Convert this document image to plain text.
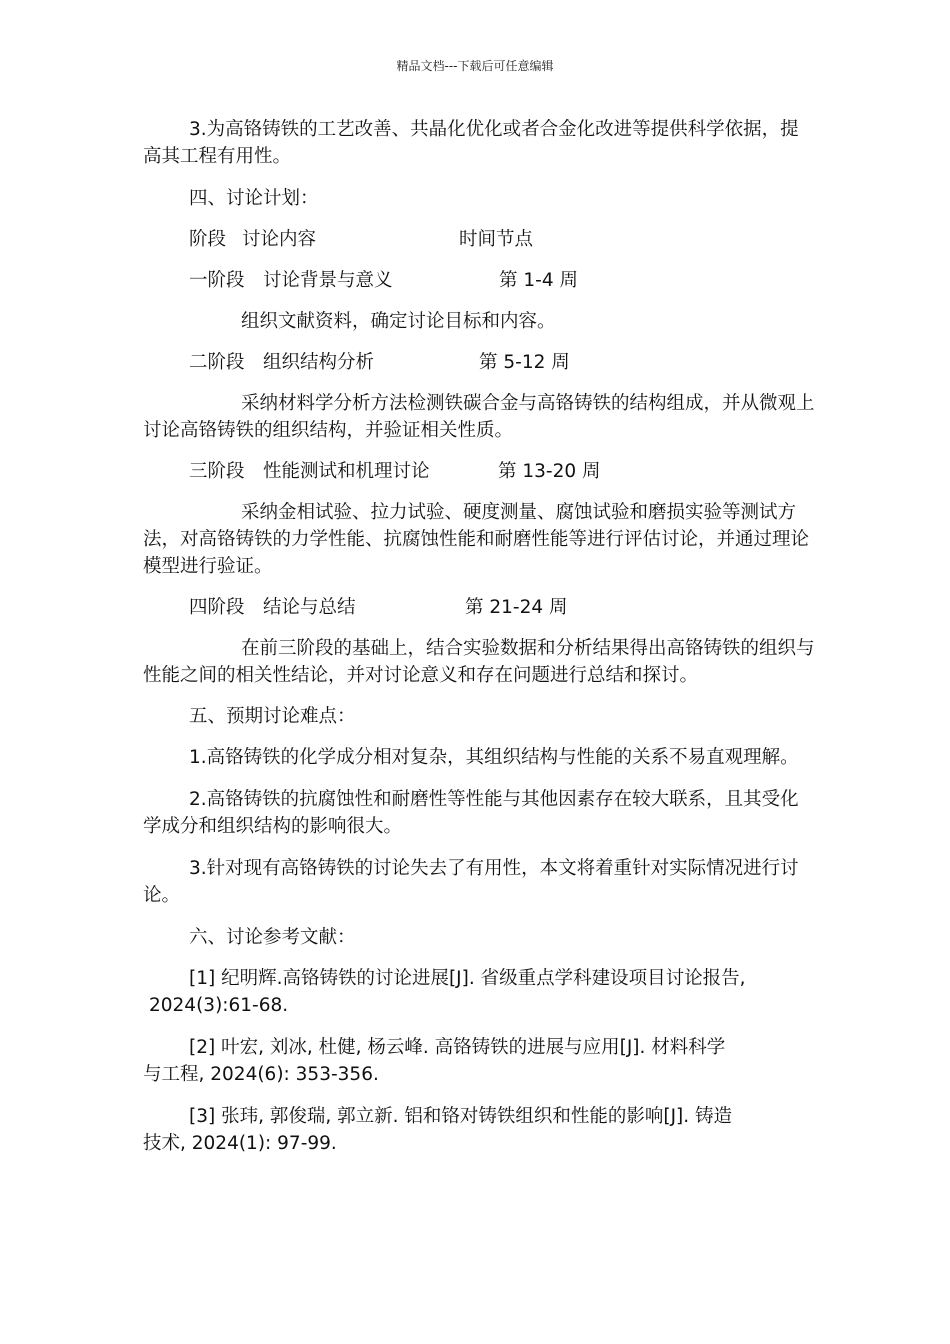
精品文档---下载后可任意编辑

3.为高铬铸铁的工艺改善、共晶化优化或者合金化改进等提供科学依据，提高其工程有用性。

四、讨论计划：

阶段 讨论内容	时间节点
一阶段 讨论背景与意义	第 1-4 周

组织文献资料，确定讨论目标和内容。

二阶段 组织结构分析	第 5-12 周

采纳材料学分析方法检测铁碳合金与高铬铸铁的结构组成，并从微观上讨论高铬铸铁的组织结构，并验证相关性质。

三阶段 性能测试和机理讨论	第 13-20 周

采纳金相试验、拉力试验、硬度测量、腐蚀试验和磨损实验等测试方法，对高铬铸铁的力学性能、抗腐蚀性能和耐磨性能等进行评估讨论，并通过理论模型进行验证。

四阶段 结论与总结	第 21-24 周

在前三阶段的基础上，结合实验数据和分析结果得出高铬铸铁的组织与性能之间的相关性结论，并对讨论意义和存在问题进行总结和探讨。

五、预期讨论难点：

1.高铬铸铁的化学成分相对复杂，其组织结构与性能的关系不易直观理解。

2.高铬铸铁的抗腐蚀性和耐磨性等性能与其他因素存在较大联系，且其受化学成分和组织结构的影响很大。

3.针对现有高铬铸铁的讨论失去了有用性，本文将着重针对实际情况进行讨论。

六、讨论参考文献：

[1] 纪明辉.高铬铸铁的讨论进展[J]. 省级重点学科建设项目讨论报告,
2024(3):61-68.
[2] 叶宏, 刘冰, 杜健, 杨云峰. 高铬铸铁的进展与应用[J]. 材料科学
与工程, 2024(6): 353-356.
[3] 张玮, 郭俊瑞, 郭立新. 铝和铬对铸铁组织和性能的影响[J]. 铸造
技术, 2024(1): 97-99.
